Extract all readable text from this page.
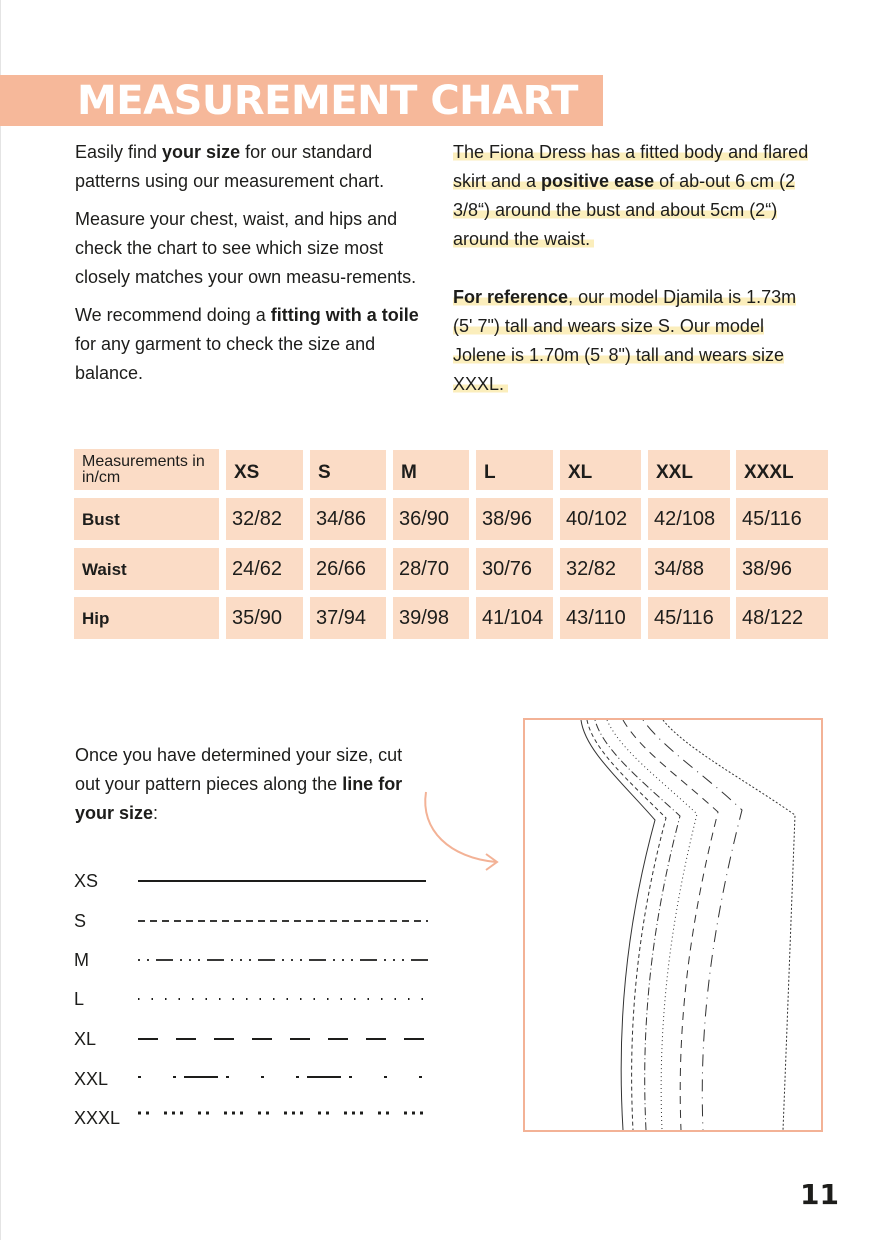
MEASUREMENT CHART

Easily find your size for our standard patterns using our measurement chart.

Measure your chest, waist, and hips and check the chart to see which size most closely matches your own measu-rements.

We recommend doing a fitting with a toile for any garment to check the size and balance.

The Fiona Dress has a fitted body and flared skirt and a positive ease of ab-out 6 cm (2 3/8“) around the bust and about 5cm (2“) around the waist.

For reference, our model Djamila is 1.73m (5' 7") tall and wears size S. Our model Jolene is 1.70m (5' 8") tall and wears size XXXL.

Measurements in in/cm	XS	S	M	L	XL	XXL	XXXL
Bust	32/82	34/86	36/90	38/96	40/102	42/108	45/116
Waist	24/62	26/66	28/70	30/76	32/82	34/88	38/96
Hip	35/90	37/94	39/98	41/104	43/110	45/116	48/122

Once you have determined your size, cut out your pattern pieces along the line for your size:

XS
S
M
L
XL
XXL
XXXL
11
